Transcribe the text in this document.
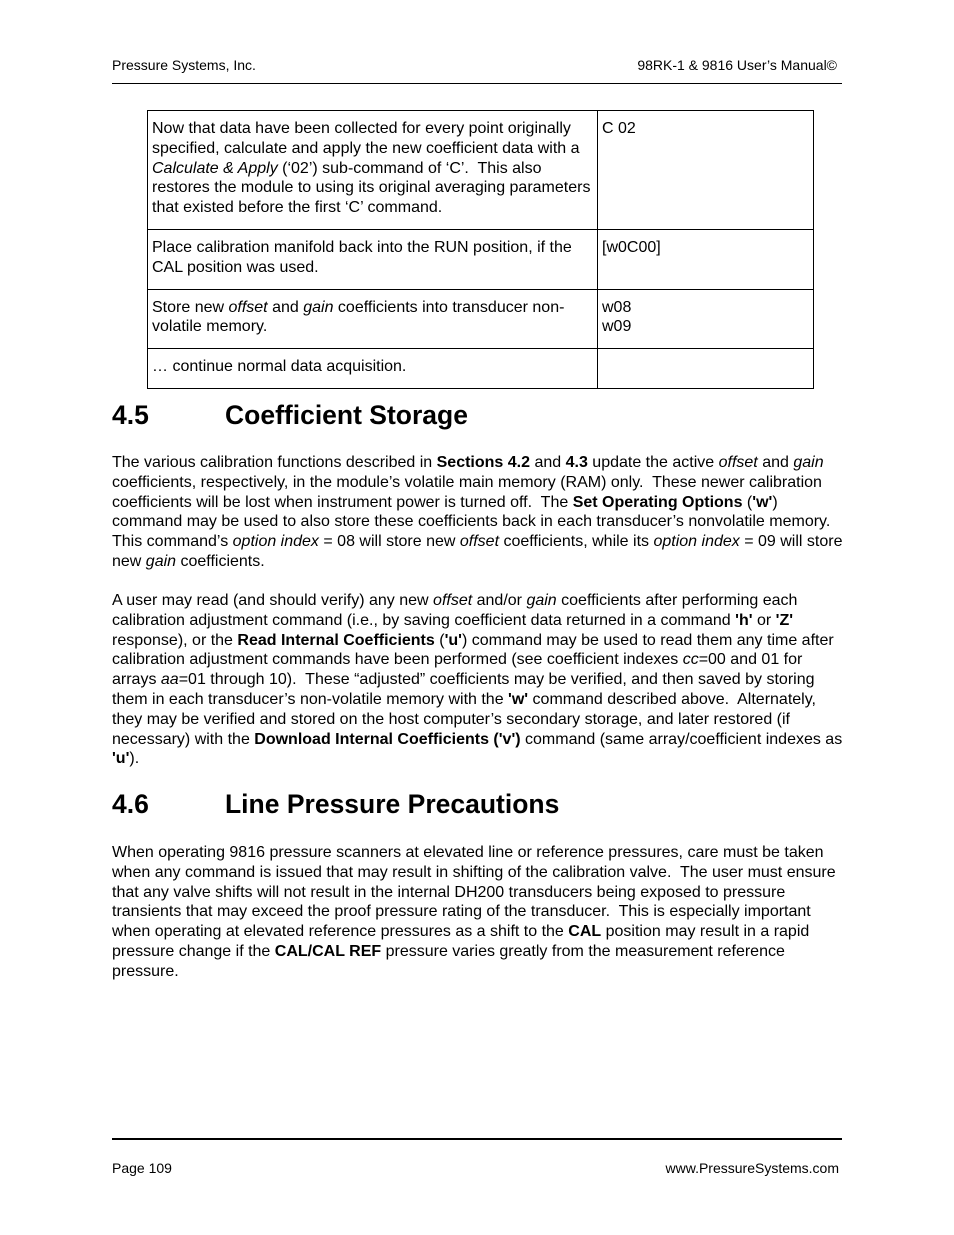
Pressure Systems, Inc.	98RK-1 & 9816 User’s Manual©
Now that data have been collected for every point originally specified, calculate and apply the new coefficient data with a Calculate & Apply (‘02’) sub-command of ‘C’.  This also restores the module to using its original averaging parameters that existed before the first ‘C’ command.	C 02
Place calibration manifold back into the RUN position, if the CAL position was used.	[w0C00]
Store new offset and gain coefficients into transducer non-volatile memory.	w08
w09
… continue normal data acquisition.	
4.5	Coefficient Storage

The various calibration functions described in Sections 4.2 and 4.3 update the active offset and gain coefficients, respectively, in the module’s volatile main memory (RAM) only.  These newer calibration coefficients will be lost when instrument power is turned off.  The Set Operating Options ('w') command may be used to also store these coefficients back in each transducer’s nonvolatile memory.  This command’s option index = 08 will store new offset coefficients, while its option index = 09 will store new gain coefficients.

A user may read (and should verify) any new offset and/or gain coefficients after performing each calibration adjustment command (i.e., by saving coefficient data returned in a command 'h' or 'Z'  response), or the Read Internal Coefficients ('u') command may be used to read them any time after calibration adjustment commands have been performed (see coefficient indexes cc=00 and 01 for arrays aa=01 through 10).  These “adjusted” coefficients may be verified, and then saved by storing them in each transducer’s non-volatile memory with the 'w' command described above.  Alternately, they may be verified and stored on the host computer’s secondary storage, and later restored (if necessary) with the Download Internal Coefficients ('v') command (same array/coefficient indexes as 'u').

4.6	Line Pressure Precautions

When operating 9816 pressure scanners at elevated line or reference pressures, care must be taken when any command is issued that may result in shifting of the calibration valve.  The user must ensure that any valve shifts will not result in the internal DH200 transducers being exposed to pressure transients that may exceed the proof pressure rating of the transducer.  This is especially important when operating at elevated reference pressures as a shift to the CAL position may result in a rapid pressure change if the CAL/CAL REF pressure varies greatly from the measurement reference pressure.

Page 109	www.PressureSystems.com
